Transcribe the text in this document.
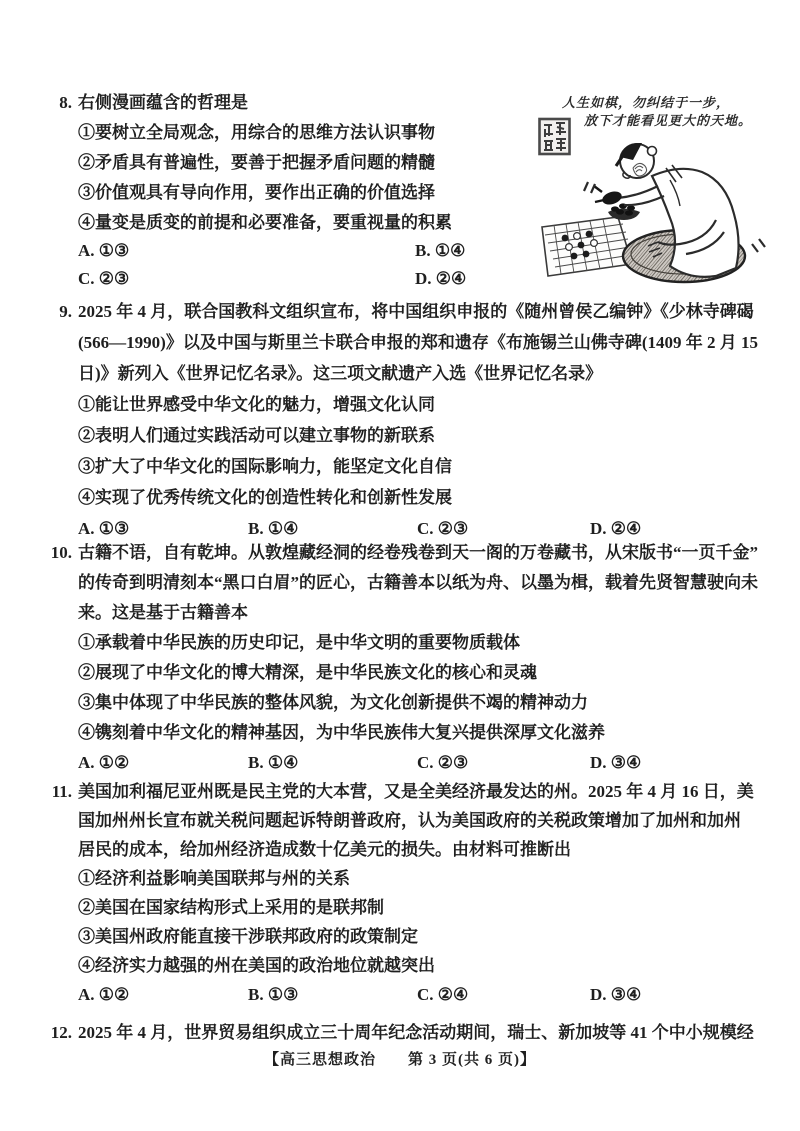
8. 右侧漫画蕴含的哲理是
①要树立全局观念，用综合的思维方法认识事物
②矛盾具有普遍性，要善于把握矛盾问题的精髓
③价值观具有导向作用，要作出正确的价值选择
④量变是质变的前提和必要准备，要重视量的积累
A. ①③	B. ①④
C. ②③	D. ②④
人生如棋，勿纠结于一步，
放下才能看见更大的天地。
9. 2025 年 4 月，联合国教科文组织宣布，将中国组织申报的《随州曾侯乙编钟》《少林寺碑碣
(566—1990)》以及中国与斯里兰卡联合申报的郑和遗存《布施锡兰山佛寺碑(1409 年 2 月 15
日)》新列入《世界记忆名录》。这三项文献遗产入选《世界记忆名录》
①能让世界感受中华文化的魅力，增强文化认同
②表明人们通过实践活动可以建立事物的新联系
③扩大了中华文化的国际影响力，能坚定文化自信
④实现了优秀传统文化的创造性转化和创新性发展
A. ①③	B. ①④	C. ②③	D. ②④
10. 古籍不语，自有乾坤。从敦煌藏经洞的经卷残卷到天一阁的万卷藏书，从宋版书“一页千金”
的传奇到明清刻本“黑口白眉”的匠心，古籍善本以纸为舟、以墨为楫，载着先贤智慧驶向未
来。这是基于古籍善本
①承载着中华民族的历史印记，是中华文明的重要物质载体
②展现了中华文化的博大精深，是中华民族文化的核心和灵魂
③集中体现了中华民族的整体风貌，为文化创新提供不竭的精神动力
④镌刻着中华文化的精神基因，为中华民族伟大复兴提供深厚文化滋养
A. ①②	B. ①④	C. ②③	D. ③④
11. 美国加利福尼亚州既是民主党的大本营，又是全美经济最发达的州。2025 年 4 月 16 日，美
国加州州长宣布就关税问题起诉特朗普政府，认为美国政府的关税政策增加了加州和加州
居民的成本，给加州经济造成数十亿美元的损失。由材料可推断出
①经济利益影响美国联邦与州的关系
②美国在国家结构形式上采用的是联邦制
③美国州政府能直接干涉联邦政府的政策制定
④经济实力越强的州在美国的政治地位就越突出
A. ①②	B. ①③	C. ②④	D. ③④
12. 2025 年 4 月，世界贸易组织成立三十周年纪念活动期间，瑞士、新加坡等 41 个中小规模经
【高三思想政治　　第 3 页(共 6 页)】
